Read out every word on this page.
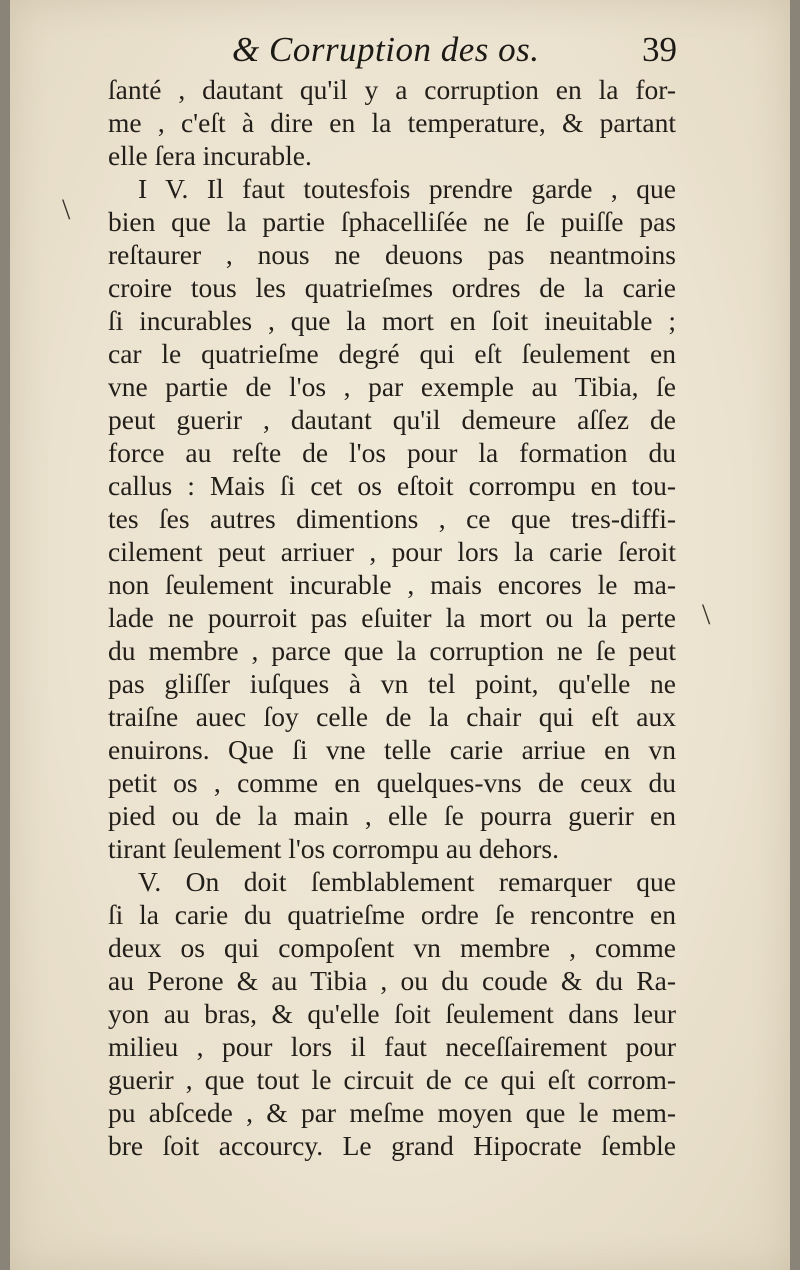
& Corruption des os.	39
ſanté , dautant qu'il y a corruption en la for-
me , c'eſt à dire en la temperature, & partant
elle ſera incurable.
I V. Il faut toutesfois prendre garde , que
bien que la partie ſphacelliſée ne ſe puiſſe pas
reſtaurer , nous ne deuons pas neantmoins
croire tous les quatrieſmes ordres de la carie
ſi incurables , que la mort en ſoit ineuitable ;
car le quatrieſme degré qui eſt ſeulement en
vne partie de l'os , par exemple au Tibia, ſe
peut guerir , dautant qu'il demeure aſſez de
force au reſte de l'os pour la formation du
callus : Mais ſi cet os eſtoit corrompu en tou-
tes ſes autres dimentions , ce que tres-diffi-
cilement peut arriuer , pour lors la carie ſeroit
non ſeulement incurable , mais encores le ma-
lade ne pourroit pas eſuiter la mort ou la perte
du membre , parce que la corruption ne ſe peut
pas gliſſer iuſques à vn tel point, qu'elle ne
traiſne auec ſoy celle de la chair qui eſt aux
enuirons. Que ſi vne telle carie arriue en vn
petit os , comme en quelques-vns de ceux du
pied ou de la main , elle ſe pourra guerir en
tirant ſeulement l'os corrompu au dehors.
V. On doit ſemblablement remarquer que
ſi la carie du quatrieſme ordre ſe rencontre en
deux os qui compoſent vn membre , comme
au Perone & au Tibia , ou du coude & du Ra-
yon au bras, & qu'elle ſoit ſeulement dans leur
milieu , pour lors il faut neceſſairement pour
guerir , que tout le circuit de ce qui eſt corrom-
pu abſcede , & par meſme moyen que le mem-
bre ſoit accourcy. Le grand Hipocrate ſemble
\
\
